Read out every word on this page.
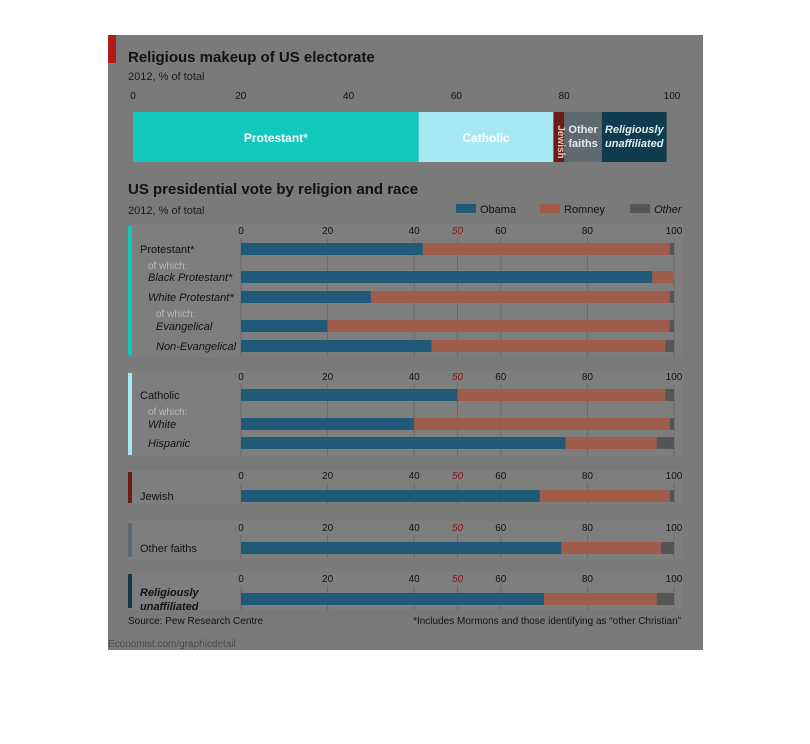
Religious makeup of US electorate
2012, % of total
0	20	40	60	80	100
Protestant*	Catholic	Jewish Other
faiths
Religiously
unaffiliated
US presidential vote by religion and race
2012, % of total	Obama	Romney	Other
0	20	40	50	60	80	100
Protestant*
of which:
Black Protestant*
White Protestant*
of which:
Evangelical
Non-Evangelical
0	20	40	50	60	80	100
Catholic
of which:
White
Hispanic
0	20	40	50	60	80	100
Jewish
0	20	40	50	60	80	100
Other faiths
0	20	40	50	60	80	100
Religiously
unaffiliated
Source: Pew Research Centre	*Includes Mormons and those identifying as “other Christian”
Economist.com/graphicdetail
